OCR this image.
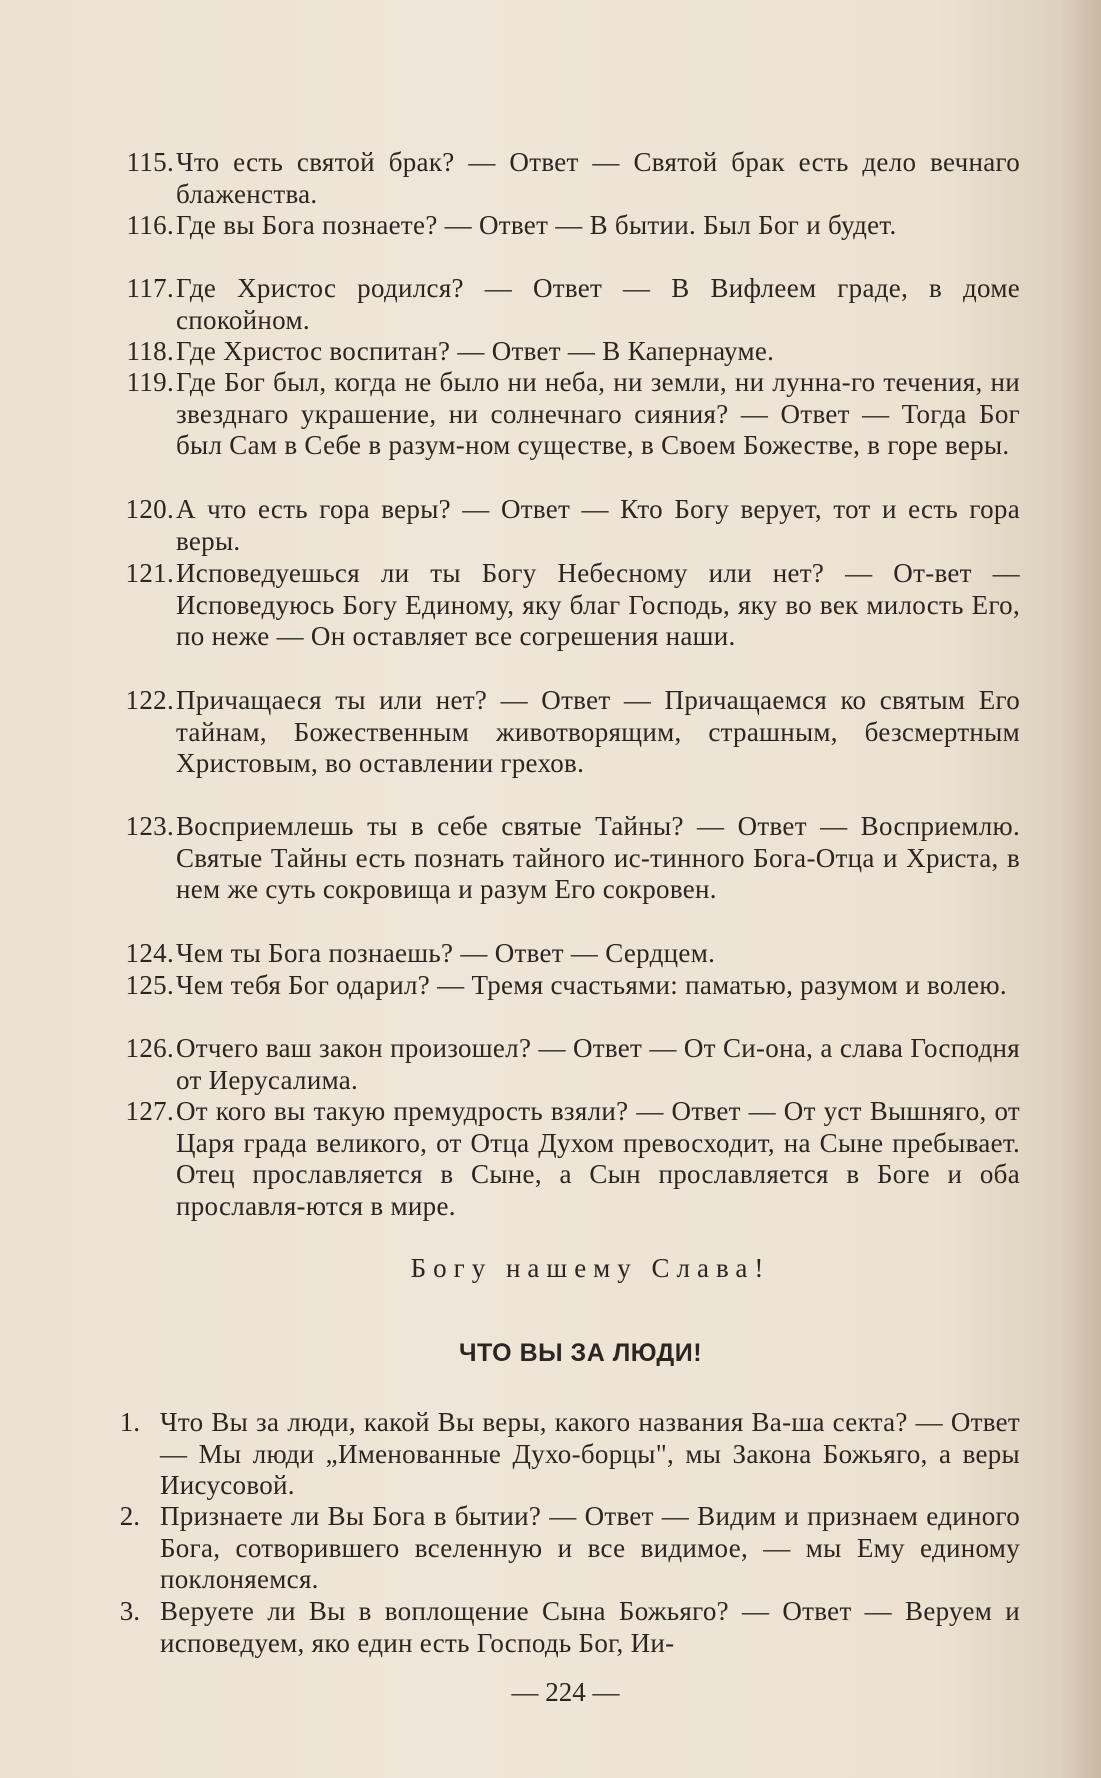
115. Что есть святой брак? — Ответ — Святой брак есть дело вечнаго блаженства.
116. Где вы Бога познаете? — Ответ — В бытии. Был Бог и будет.
117. Где Христос родился? — Ответ — В Вифлеем граде, в доме спокойном.
118. Где Христос воспитан? — Ответ — В Капернауме.
119. Где Бог был, когда не было ни неба, ни земли, ни лунна-го течения, ни звезднаго украшение, ни солнечнаго сияния? — Ответ — Тогда Бог был Сам в Себе в разум-ном существе, в Своем Божестве, в горе веры.
120. А что есть гора веры? — Ответ — Кто Богу верует, тот и есть гора веры.
121. Исповедуешься ли ты Богу Небесному или нет? — От-вет — Исповедуюсь Богу Единому, яку благ Господь, яку во век милость Его, по неже — Он оставляет все согрешения наши.
122. Причащаеся ты или нет? — Ответ — Причащаемся ко святым Его тайнам, Божественным животворящим, страшным, безсмертным Христовым, во оставлении грехов.
123. Восприемлешь ты в себе святые Тайны? — Ответ — Восприемлю. Святые Тайны есть познать тайного ис-тинного Бога-Отца и Христа, в нем же суть сокровища и разум Его сокровен.
124. Чем ты Бога познаешь? — Ответ — Сердцем.
125. Чем тебя Бог одарил? — Тремя счастьями: паматью, разумом и волею.
126. Отчего ваш закон произошел? — Ответ — От Си-она, а слава Господня от Иерусалима.
127. От кого вы такую премудрость взяли? — Ответ — От уст Вышняго, от Царя града великого, от Отца Духом превосходит, на Сыне пребывает. Отец прославляется в Сыне, а Сын прославляется в Боге и оба прославля-ются в мире.
Богу нашему Слава!
ЧТО ВЫ ЗА ЛЮДИ!
1. Что Вы за люди, какой Вы веры, какого названия Ва-ша секта? — Ответ — Мы люди „Именованные Духо-борцы", мы Закона Божьяго, а веры Иисусовой.
2. Признаете ли Вы Бога в бытии? — Ответ — Видим и признаем единого Бога, сотворившего вселенную и все видимое, — мы Ему единому поклоняемся.
3. Веруете ли Вы в воплощение Сына Божьяго? — Ответ — Веруем и исповедуем, яко един есть Господь Бог, Ии-
— 224 —
